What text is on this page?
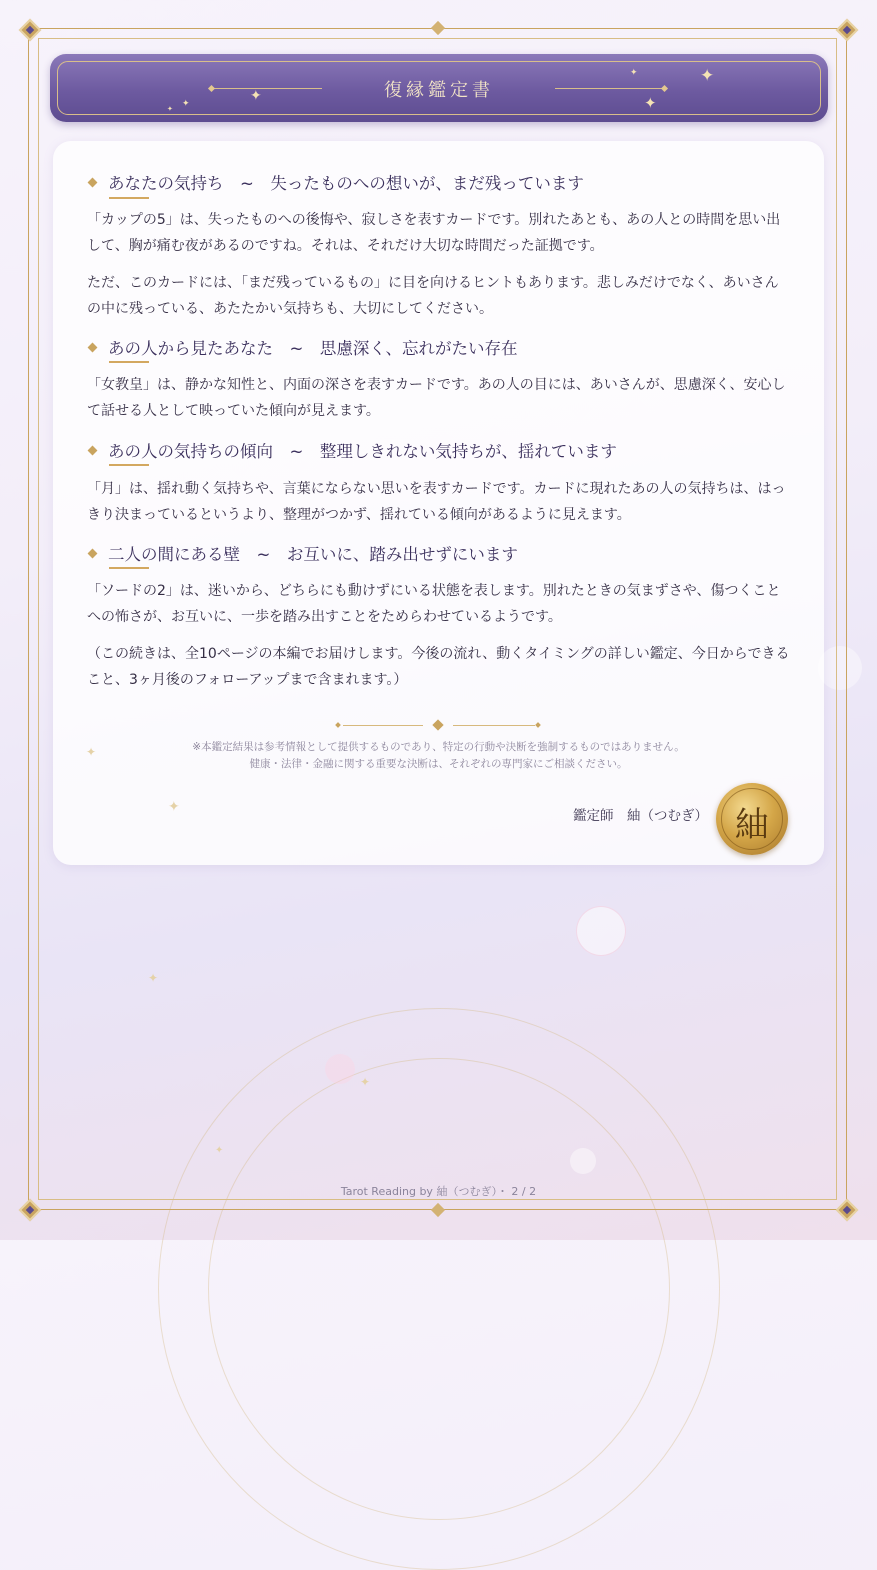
復縁鑑定書
✦
✦
✦
✦	✦
✦
あなたの気持ち　~　失ったものへの想いが、まだ残っています
「カップの5」は、失ったものへの後悔や、寂しさを表すカードです。別れたあとも、あの人との時間を思い出して、胸が痛む夜があるのですね。それは、それだけ大切な時間だった証拠です。
ただ、このカードには、「まだ残っているもの」に目を向けるヒントもあります。悲しみだけでなく、あいさんの中に残っている、あたたかい気持ちも、大切にしてください。
あの人から見たあなた　~　思慮深く、忘れがたい存在
「女教皇」は、静かな知性と、内面の深さを表すカードです。あの人の目には、あいさんが、思慮深く、安心して話せる人として映っていた傾向が見えます。
あの人の気持ちの傾向　~　整理しきれない気持ちが、揺れています
「月」は、揺れ動く気持ちや、言葉にならない思いを表すカードです。カードに現れたあの人の気持ちは、はっきり決まっているというより、整理がつかず、揺れている傾向があるように見えます。
二人の間にある壁　~　お互いに、踏み出せずにいます
「ソードの2」は、迷いから、どちらにも動けずにいる状態を表します。別れたときの気まずさや、傷つくことへの怖さが、お互いに、一歩を踏み出すことをためらわせているようです。
（この続きは、全10ページの本編でお届けします。今後の流れ、動くタイミングの詳しい鑑定、今日からできること、3ヶ月後のフォローアップまで含まれます。）
※本鑑定結果は参考情報として提供するものであり、特定の行動や決断を強制するものではありません。
健康・法律・金融に関する重要な決断は、それぞれの専門家にご相談ください。
鑑定師　紬（つむぎ） 紬
✦
✦
✦
✦
✦
Tarot Reading by 紬（つむぎ）・ 2 / 2
